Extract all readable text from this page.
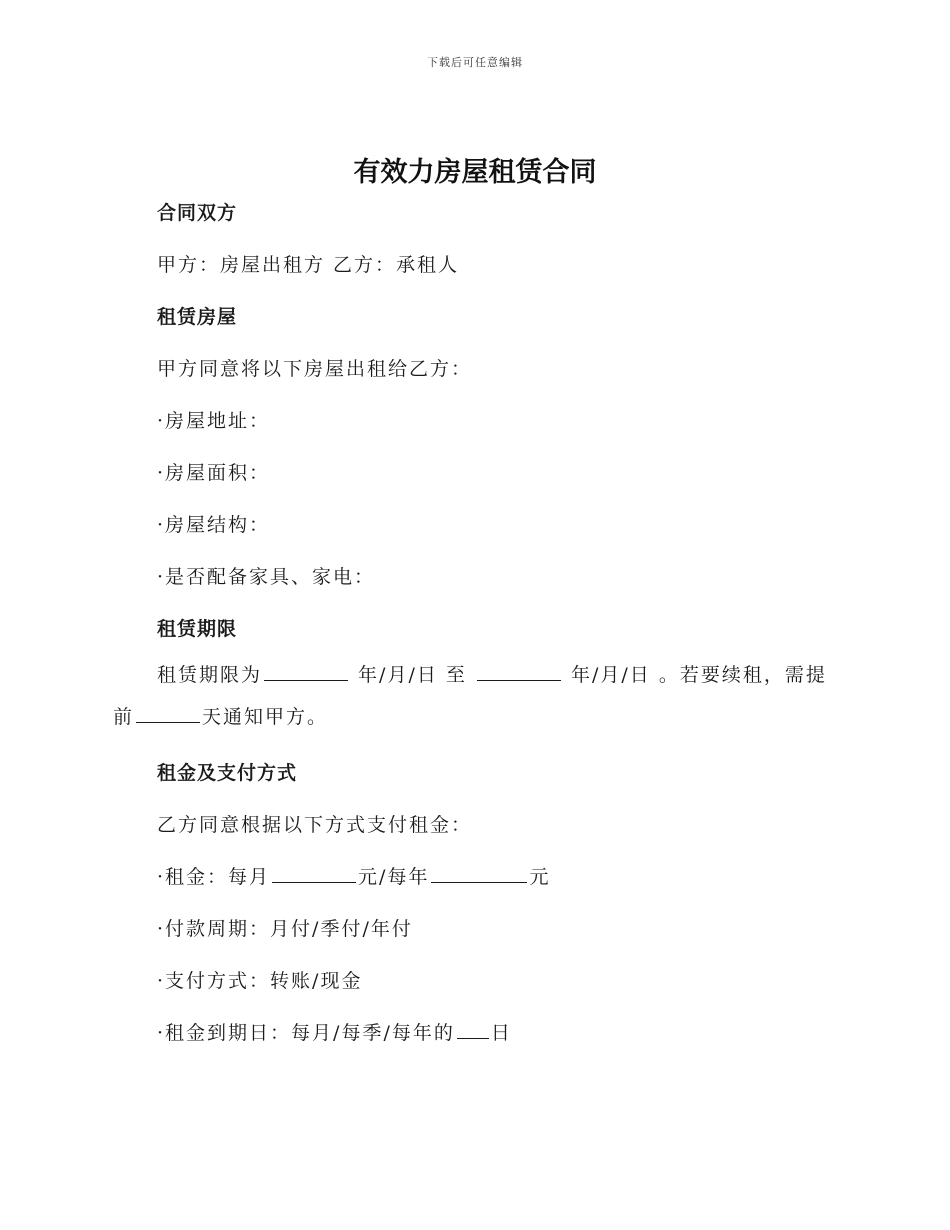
下载后可任意编辑
有效力房屋租赁合同
合同双方
甲方：房屋出租方 乙方：承租人
租赁房屋
甲方同意将以下房屋出租给乙方：
·房屋地址：
·房屋面积：
·房屋结构：
·是否配备家具、家电：
租赁期限
租赁期限为	年/月/日 至	年/月/日 。若要续租，需提前	天通知甲方。
租金及支付方式
乙方同意根据以下方式支付租金：
·租金：每月	元/每年	元
·付款周期：月付/季付/年付
·支付方式：转账/现金
·租金到期日：每月/每季/每年的 日
